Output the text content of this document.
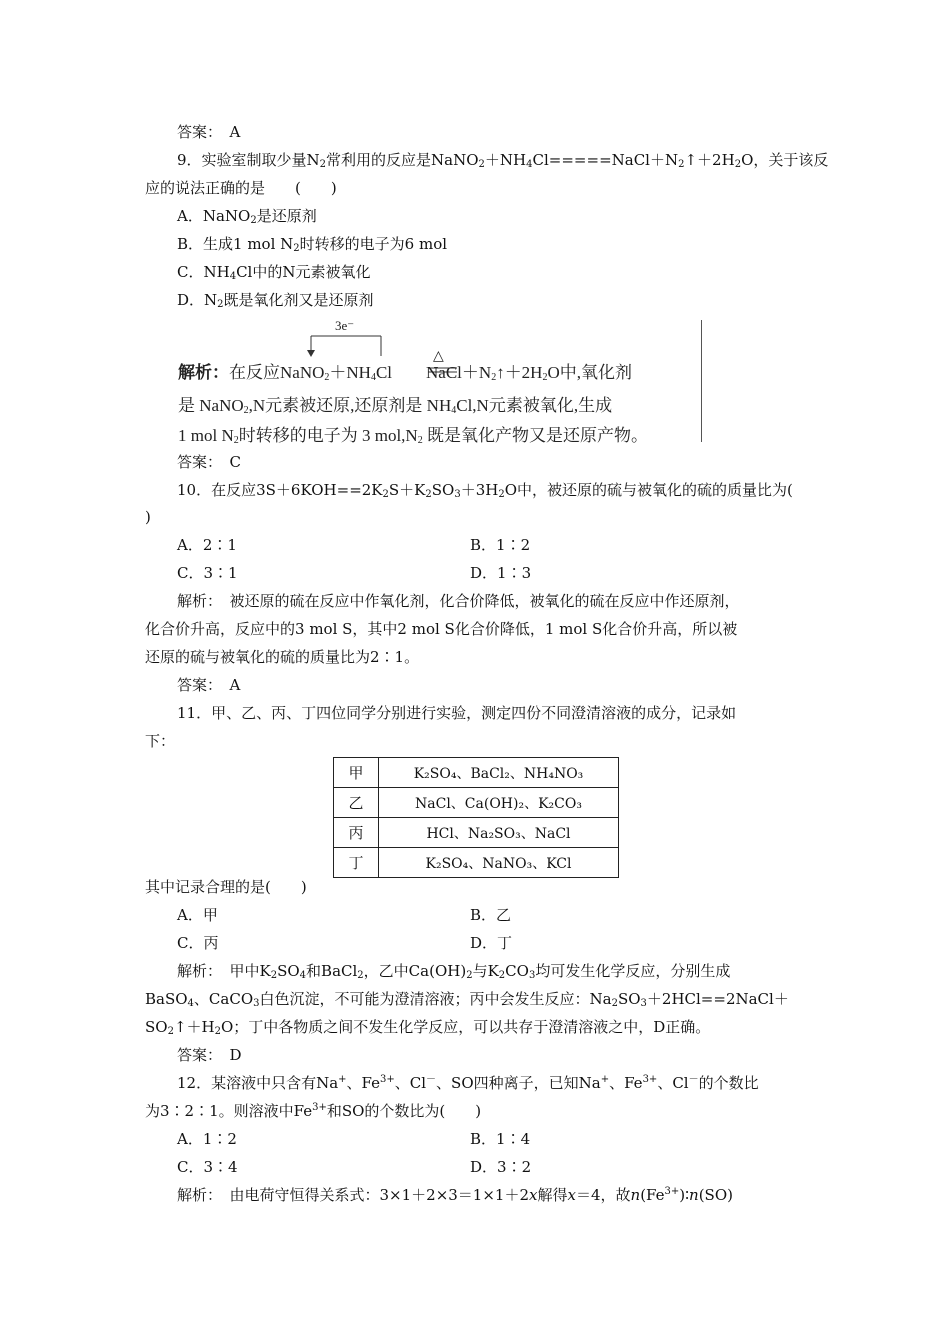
答案：　A
9．实验室制取少量$N_2$常利用的反应是$NaNO_2+NH_4Cl=====NaCl+N_2↑+2H_2O$，关于该反
应的说法正确的是　　(　　)
A．NaNO$_2$是还原剂
B．生成1 mol $N_2$时转移的电子为6 mol
C．$NH_4Cl$中的N元素被氧化
D．$N_2$既是氧化剂又是还原剂
3e⁻
△
解析：在反应$NaNO_2+NH_4Cl$ $NaCl+N_2↑+2H_2O$中,氧化剂
是 NaNO$_2$,N元素被还原,还原剂是 $NH_4Cl,N$元素被氧化,生成
1 mol $N_2$时转移的电子为 3 $mol,N_2$ 既是氧化产物又是还原产物。
答案：　C
10．在反应$3S+6KOH==2K_2S+K_2SO_3+3H_2O$中，被还原的硫与被氧化的硫的质量比为(
)
A．2∶1	B．1∶2
C．3∶1	D．1∶3
解析：　被还原的硫在反应中作氧化剂，化合价降低，被氧化的硫在反应中作还原剂，
化合价升高，反应中的3 mol S，其中2 mol S化合价降低，1 mol S化合价升高，所以被
还原的硫与被氧化的硫的质量比为2∶1。
答案：　A
11．甲、乙、丙、丁四位同学分别进行实验，测定四份不同澄清溶液的成分，记录如
下：
甲	K₂SO₄、BaCl₂、NH₄NO₃
乙	NaCl、Ca(OH)₂、K₂CO₃
丙	HCl、Na₂SO₃、NaCl
丁	K₂SO₄、NaNO₃、KCl
其中记录合理的是(　　)
A．甲	B．乙
C．丙	D．丁
解析：　甲中$K_2SO_4$和BaCl$_2$，乙中$Ca(OH)_2$与$K_2CO_3$均可发生化学反应，分别生成
BaSO$_4$、CaCO$_3$白色沉淀，不可能为澄清溶液；丙中会发生反应：$Na_2SO_3+2HCl==2NaCl+$
$SO_2↑+H_2O$；丁中各物质之间不发生化学反应，可以共存于澄清溶液之中，D正确。
答案：　D
12．某溶液中只含有Na+、$Fe^{3+}$、Cl－、SO四种离子，已知Na+、$Fe^{3+}$、Cl－的个数比
为3∶2∶1。则溶液中$Fe^{3+}$和SO的个数比为(　　)
A．1∶2	B．1∶4
C．3∶4	D．3∶2
解析：　由电荷守恒得关系式：3×1＋2×3＝1×1＋2x解得x＝4，故$n(Fe^{3+})∶n(SO)$
